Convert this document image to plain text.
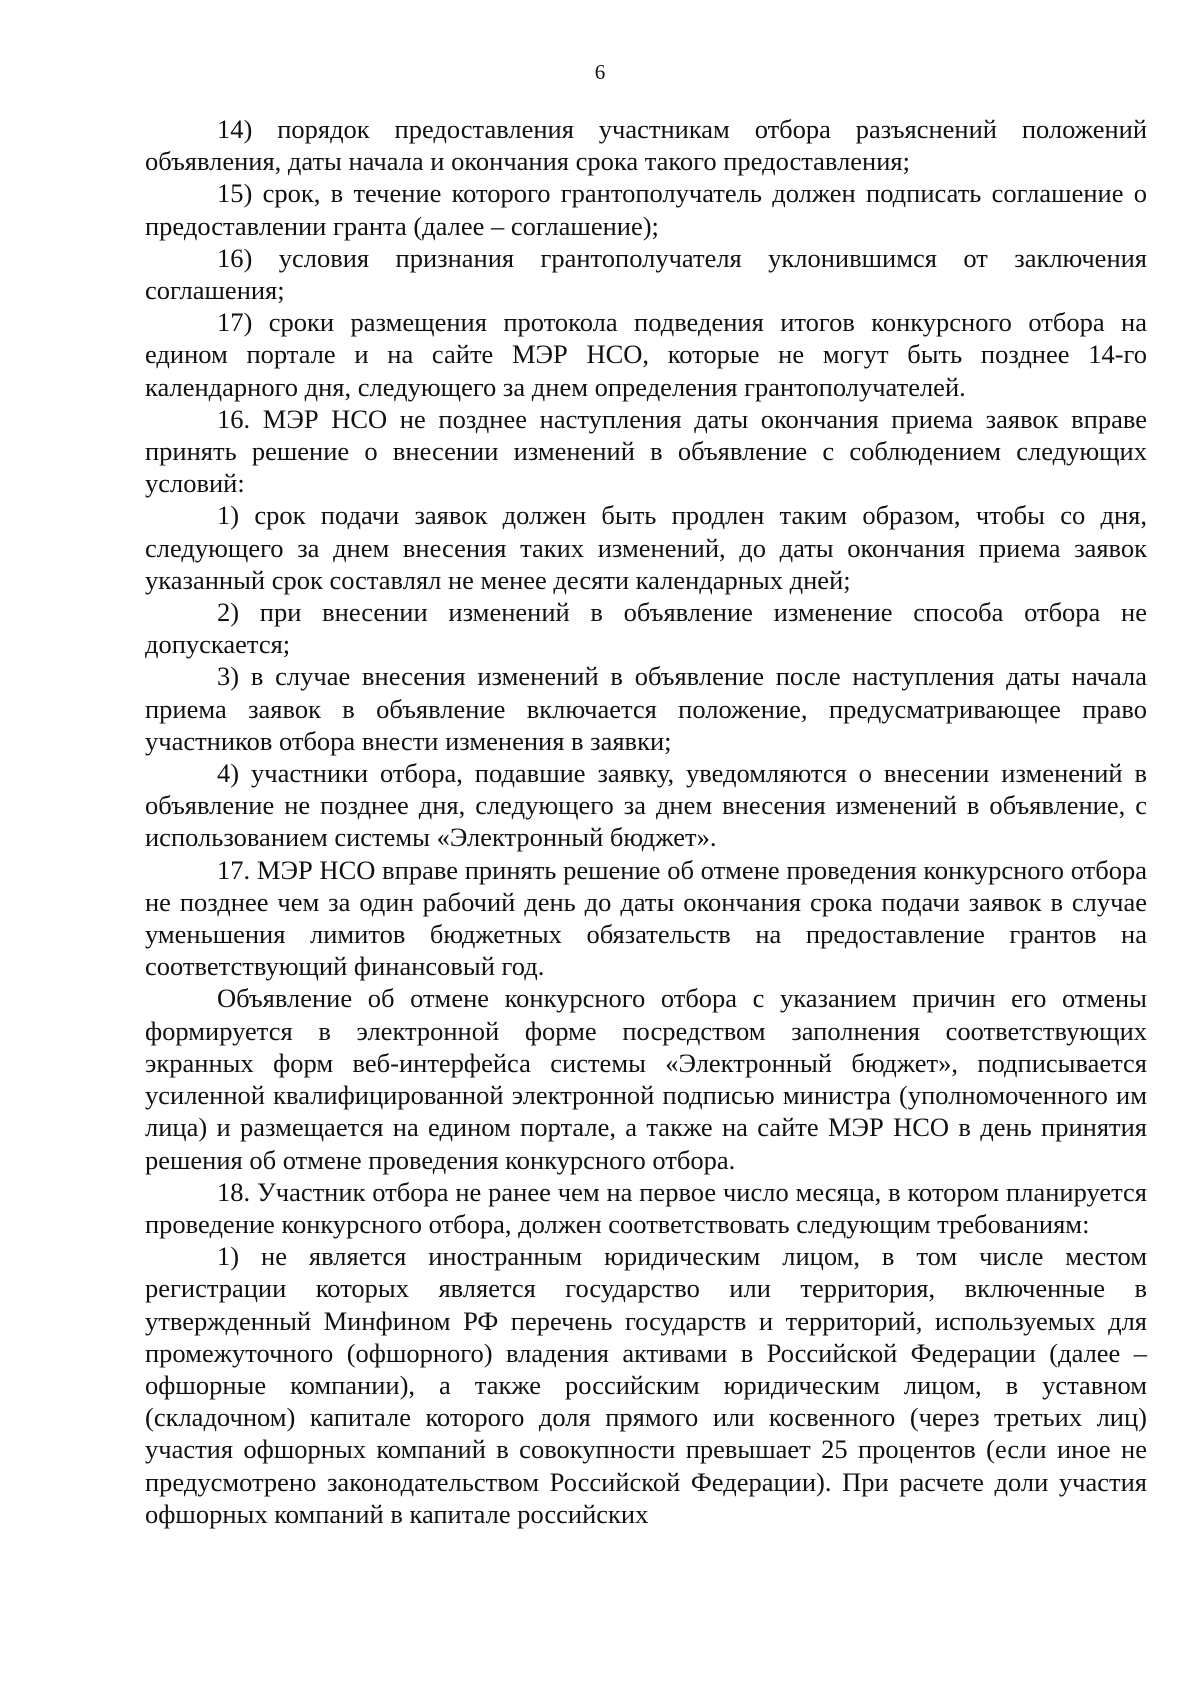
6

14) порядок предоставления участникам отбора разъяснений положений объявления, даты начала и окончания срока такого предоставления;

15) срок, в течение которого грантополучатель должен подписать соглашение о предоставлении гранта (далее – соглашение);

16) условия признания грантополучателя уклонившимся от заключения соглашения;

17) сроки размещения протокола подведения итогов конкурсного отбора на едином портале и на сайте МЭР НСО, которые не могут быть позднее 14-го календарного дня, следующего за днем определения грантополучателей.

16. МЭР НСО не позднее наступления даты окончания приема заявок вправе принять решение о внесении изменений в объявление с соблюдением следующих условий:

1) срок подачи заявок должен быть продлен таким образом, чтобы со дня, следующего за днем внесения таких изменений, до даты окончания приема заявок указанный срок составлял не менее десяти календарных дней;

2) при внесении изменений в объявление изменение способа отбора не допускается;

3) в случае внесения изменений в объявление после наступления даты начала приема заявок в объявление включается положение, предусматривающее право участников отбора внести изменения в заявки;

4) участники отбора, подавшие заявку, уведомляются о внесении изменений в объявление не позднее дня, следующего за днем внесения изменений в объявление, с использованием системы «Электронный бюджет».

17. МЭР НСО вправе принять решение об отмене проведения конкурсного отбора не позднее чем за один рабочий день до даты окончания срока подачи заявок в случае уменьшения лимитов бюджетных обязательств на предоставление грантов на соответствующий финансовый год.

Объявление об отмене конкурсного отбора с указанием причин его отмены формируется в электронной форме посредством заполнения соответствующих экранных форм веб-интерфейса системы «Электронный бюджет», подписывается усиленной квалифицированной электронной подписью министра (уполномоченного им лица) и размещается на едином портале, а также на сайте МЭР НСО в день принятия решения об отмене проведения конкурсного отбора.

18. Участник отбора не ранее чем на первое число месяца, в котором планируется проведение конкурсного отбора, должен соответствовать следующим требованиям:

1) не является иностранным юридическим лицом, в том числе местом регистрации которых является государство или территория, включенные в утвержденный Минфином РФ перечень государств и территорий, используемых для промежуточного (офшорного) владения активами в Российской Федерации (далее – офшорные компании), а также российским юридическим лицом, в уставном (складочном) капитале которого доля прямого или косвенного (через третьих лиц) участия офшорных компаний в совокупности превышает 25 процентов (если иное не предусмотрено законодательством Российской Федерации). При расчете доли участия офшорных компаний в капитале российских
